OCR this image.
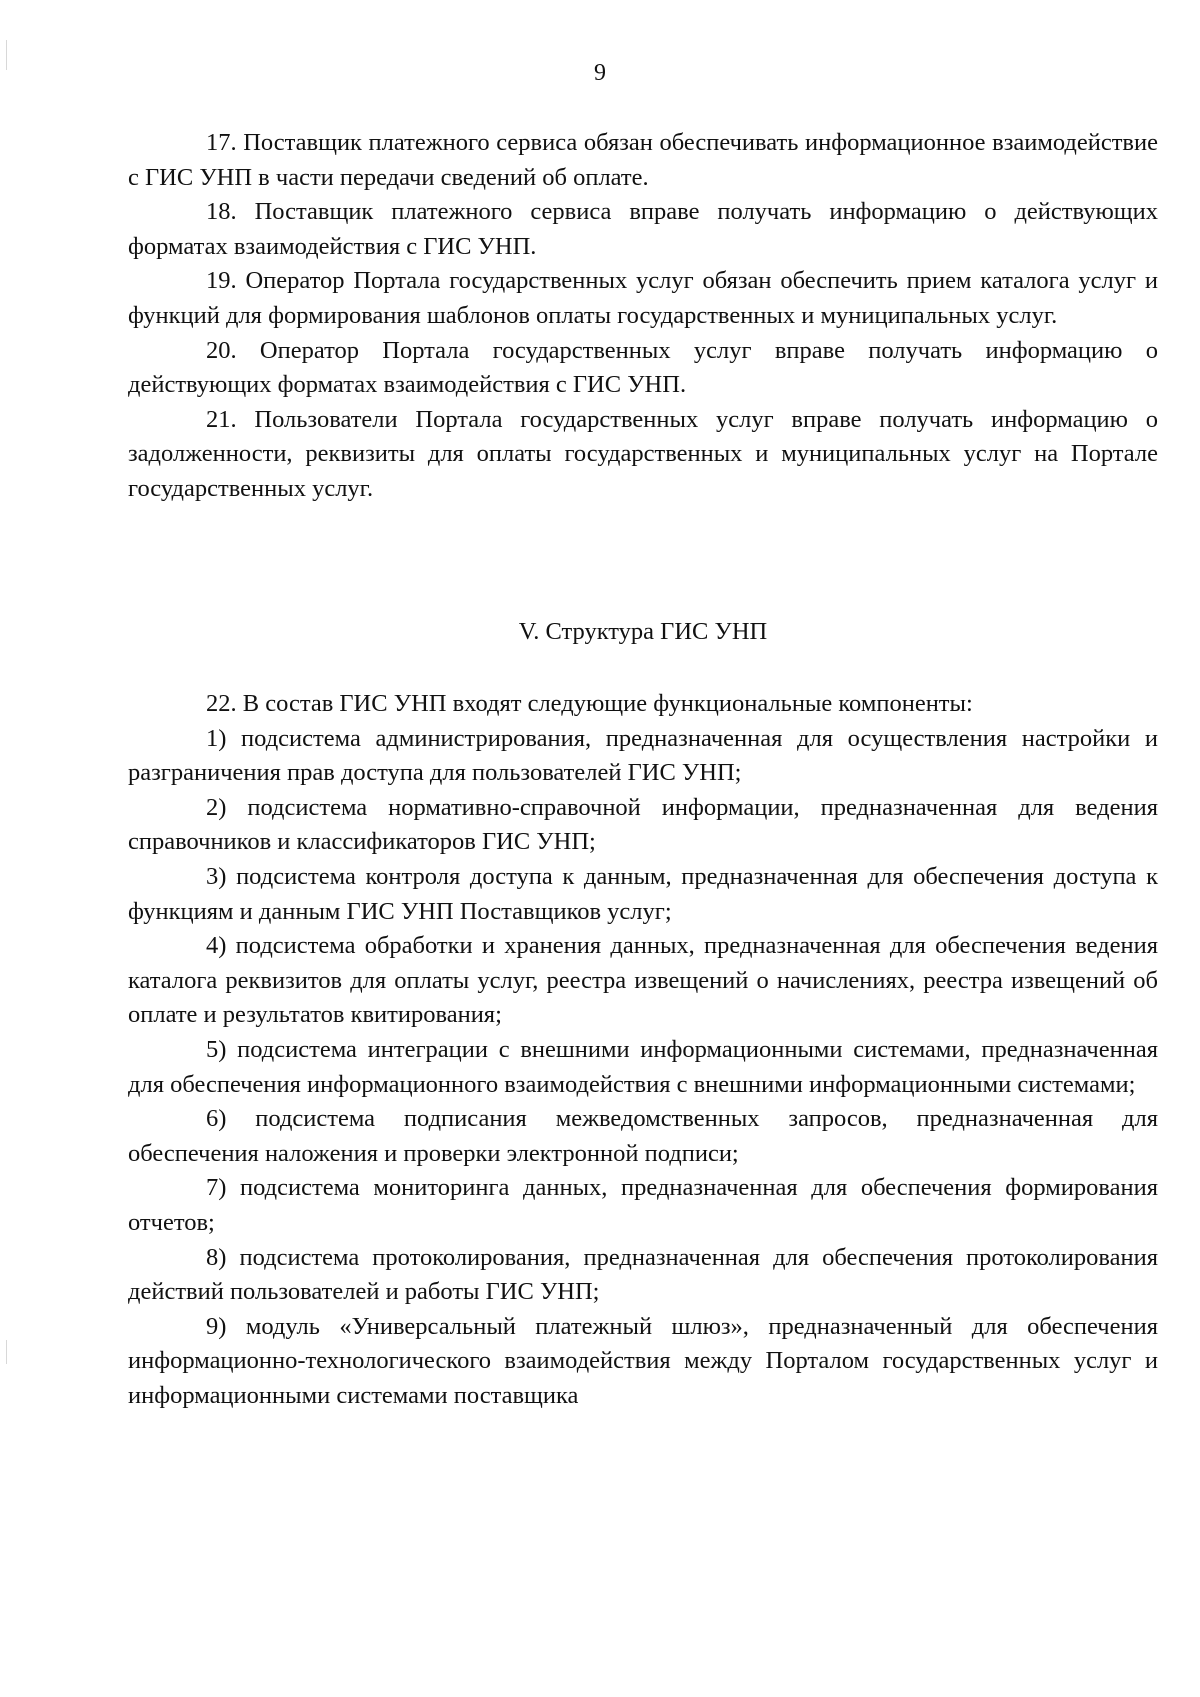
9

17. Поставщик платежного сервиса обязан обеспечивать информационное взаимодействие с ГИС УНП в части передачи сведений об оплате.

18. Поставщик платежного сервиса вправе получать информацию о действующих форматах взаимодействия с ГИС УНП.

19. Оператор Портала государственных услуг обязан обеспечить прием каталога услуг и функций для формирования шаблонов оплаты государственных и муниципальных услуг.

20. Оператор Портала государственных услуг вправе получать информацию о действующих форматах взаимодействия с ГИС УНП.

21. Пользователи Портала государственных услуг вправе получать информацию о задолженности, реквизиты для оплаты государственных и муниципальных услуг на Портале государственных услуг.

V. Структура ГИС УНП

22. В состав ГИС УНП входят следующие функциональные компоненты:

1) подсистема администрирования, предназначенная для осуществления настройки и разграничения прав доступа для пользователей ГИС УНП;

2) подсистема нормативно-справочной информации, предназначенная для ведения справочников и классификаторов ГИС УНП;

3) подсистема контроля доступа к данным, предназначенная для обеспечения доступа к функциям и данным ГИС УНП Поставщиков услуг;

4) подсистема обработки и хранения данных, предназначенная для обеспечения ведения каталога реквизитов для оплаты услуг, реестра извещений о начислениях, реестра извещений об оплате и результатов квитирования;

5) подсистема интеграции с внешними информационными системами, предназначенная для обеспечения информационного взаимодействия с внешними информационными системами;

6) подсистема подписания межведомственных запросов, предназначенная для обеспечения наложения и проверки электронной подписи;

7) подсистема мониторинга данных, предназначенная для обеспечения формирования отчетов;

8) подсистема протоколирования, предназначенная для обеспечения протоколирования действий пользователей и работы ГИС УНП;

9) модуль «Универсальный платежный шлюз», предназначенный для обеспечения информационно-технологического взаимодействия между Порталом государственных услуг и информационными системами поставщика
